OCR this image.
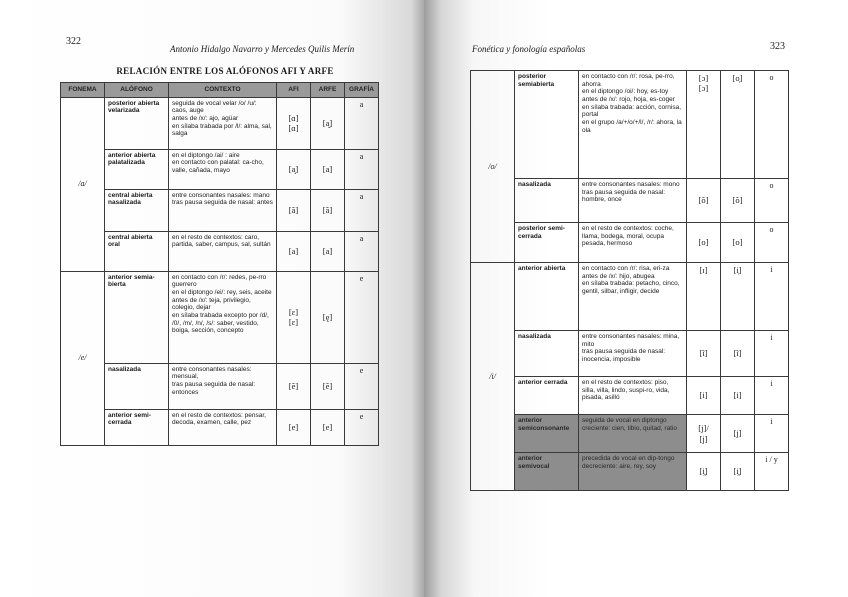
322
Antonio Hidalgo Navarro y Mercedes Quilis Merín
RELACIÓN ENTRE LOS ALÓFONOS AFI Y ARFE
FONEMA	ALÓFONO	CONTEXTO	AFI	ARFE	GRAFÍA
/a/	posterior abierta velarizada	seguida de vocal velar /o/ /u/: caos, auge
antes de /x/: ajo, agüar
en sílaba trabada por /l/: alma, sal, salga	[ɑ]
[ɑ]	[a̬]	a
	anterior abierta palatalizada	en el diptongo /ai/ : aire
en contacto con palatal: ca-cho, valle, cañada, mayo	[a̟]	[a]	a
	central abierta nasalizada	entre consonantes nasales: mano
tras pausa seguida de nasal: antes	[ã]	[ã]	a
	central abierta oral	en el resto de contextos: caro, partida, saber, campus, sal, sultán	[a]	[a]	a
/e/	anterior semia-bierta	en contacto con /r/: redes, pe-rro guerrero
en el diptongo /ei/: rey, seis, aceite
antes de /x/: teja, privilegio, colegio, dejar
en sílaba trabada excepto por /d/, /0/, /m/, /n/, /s/: saber, vestido, boiga, sección, concepto	[ɛ]
[ɛ]	[ę]	e
	nasalizada	entre consonantes nasales: mensual,
tras pausa seguida de nasal: entonces	[ẽ]	[ẽ]	e
	anterior semi-cerrada	en el resto de contextos: pensar, decoda, examen, calle, pez	[e]	[e]	e
Fonética y fonología españolas	323
/o/	posterior semiabierta	en contacto con /r/: rosa, pe-rro, ahorra
en el diptongo /oi/: hoy, es-toy
antes de /x/: rojo, hoja, es-coger
en sílaba trabada: acción, cornisa, portal
en el grupo /a/+/o/+/l/, /r/: ahora, la ola	[ɔ]
[ɔ]	[o̜]	o
	nasalizada	entre consonantes nasales: mono
tras pausa seguida de nasal: hombre, once	[õ]	[õ]	o
	posterior semi-cerrada	en el resto de contextos: coche, llama, bodega, moral, ocupa pesada, hermoso	[o]	[o]	o
/i/	anterior abierta	en contacto con /r/: risa, eri-za
antes de /x/: hijo, abugea
en sílaba trabada: petacho, cinco, gentil, silbar, infligir, decide	[ɪ]	[i̜]	i
	nasalizada	entre consonantes nasales: mina, mito
tras pausa seguida de nasal: inocencia, imposible	[ĩ]	[ĩ]	i
	anterior cerrada	en el resto de contextos: piso, silla, villa, lindo, suspi-ro, vida, pisada, asilló	[i]	[i]	i
	anterior semiconsonante	seguida de vocal en diptongo creciente: cien, tibio, quitad, ratio	[j]/
[j]	[j]	i
	anterior semivocal	precedida de vocal en dip-tongo decreciente: aire, rey, soy	[i̯]	[i̯]	i / y
